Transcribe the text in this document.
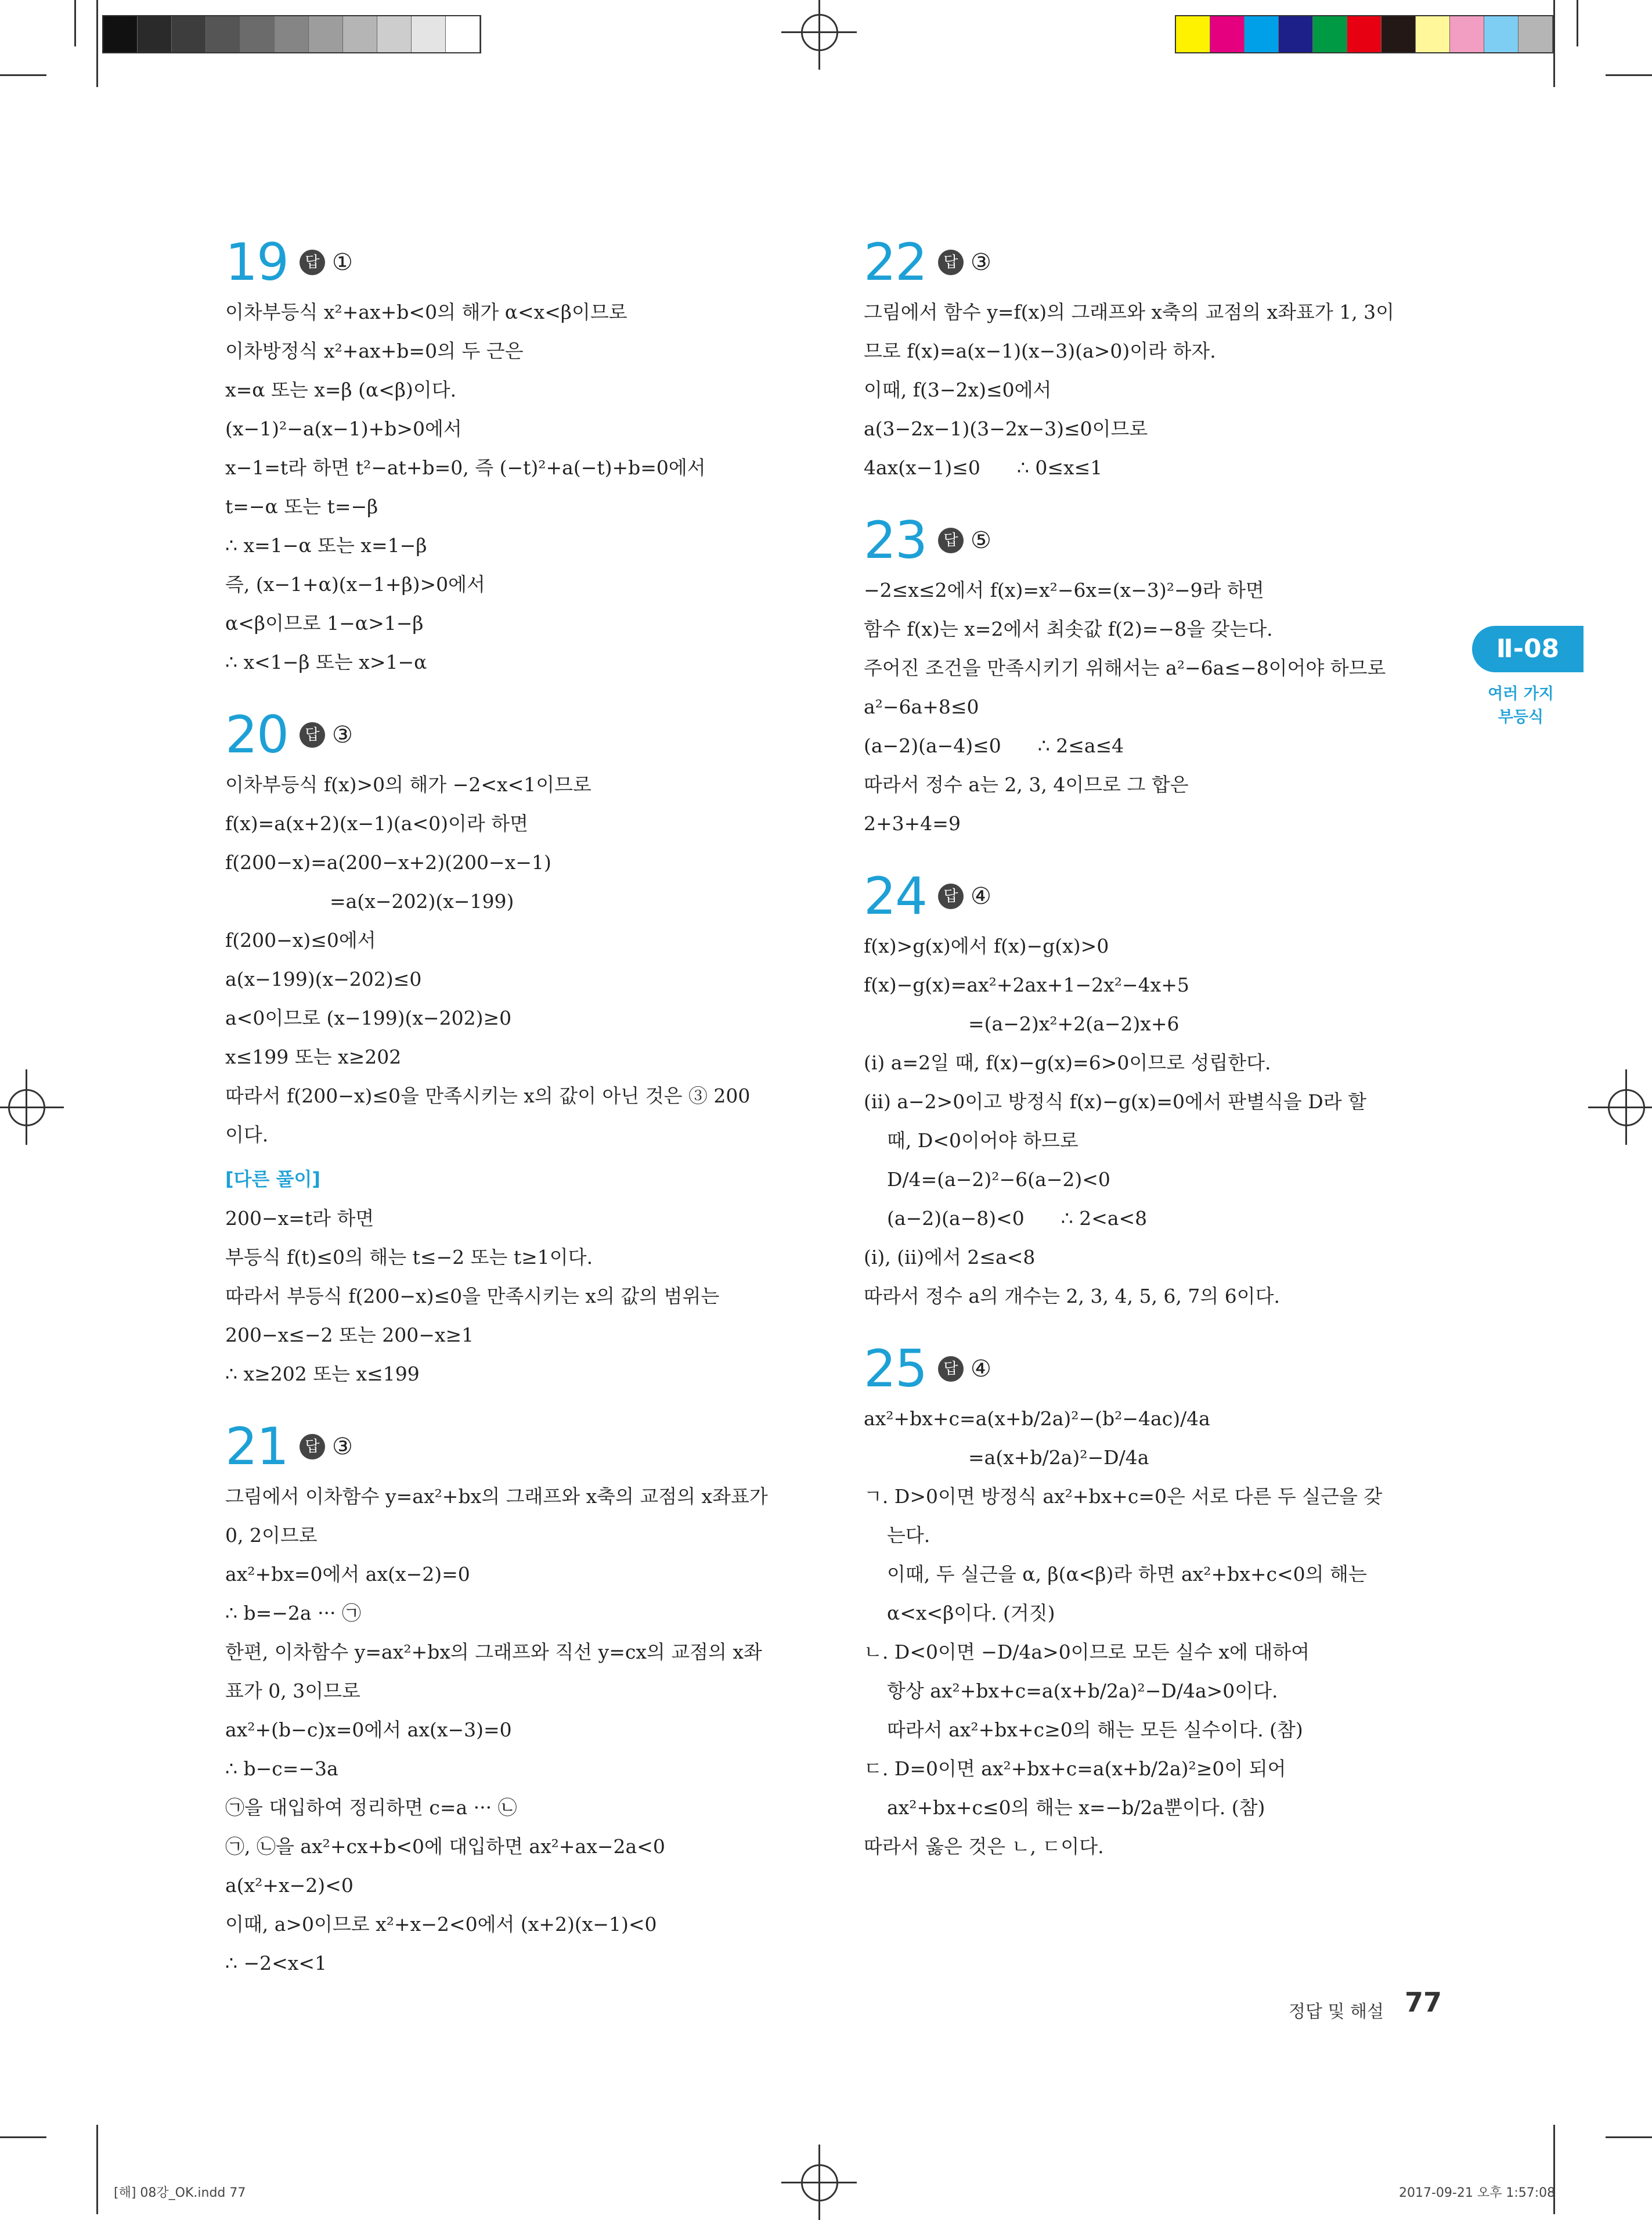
Ⅱ-08
여러 가지
부등식
19	답 ①
이차부등식 x²+ax+b<0의 해가 α<x<β이므로
이차방정식 x²+ax+b=0의 두 근은
x=α 또는 x=β (α<β)이다.
(x−1)²−a(x−1)+b>0에서
x−1=t라 하면 t²−at+b=0, 즉 (−t)²+a(−t)+b=0에서
t=−α 또는 t=−β
∴ x=1−α 또는 x=1−β
즉, (x−1+α)(x−1+β)>0에서
α<β이므로 1−α>1−β
∴ x<1−β 또는 x>1−α
20	답 ③
이차부등식 f(x)>0의 해가 −2<x<1이므로
f(x)=a(x+2)(x−1)(a<0)이라 하면
f(200−x)=a(200−x+2)(200−x−1)
=a(x−202)(x−199)
f(200−x)≤0에서
a(x−199)(x−202)≤0
a<0이므로 (x−199)(x−202)≥0
x≤199 또는 x≥202
따라서 f(200−x)≤0을 만족시키는 x의 값이 아닌 것은 ③ 200
이다.
[다른 풀이]
200−x=t라 하면
부등식 f(t)≤0의 해는 t≤−2 또는 t≥1이다.
따라서 부등식 f(200−x)≤0을 만족시키는 x의 값의 범위는
200−x≤−2 또는 200−x≥1
∴ x≥202 또는 x≤199
21	답 ③
그림에서 이차함수 y=ax²+bx의 그래프와 x축의 교점의 x좌표가
0, 2이므로
ax²+bx=0에서 ax(x−2)=0
∴ b=−2a ··· ㉠
한편, 이차함수 y=ax²+bx의 그래프와 직선 y=cx의 교점의 x좌
표가 0, 3이므로
ax²+(b−c)x=0에서 ax(x−3)=0
∴ b−c=−3a
㉠을 대입하여 정리하면 c=a ··· ㉡
㉠, ㉡을 ax²+cx+b<0에 대입하면 ax²+ax−2a<0
a(x²+x−2)<0
이때, a>0이므로 x²+x−2<0에서 (x+2)(x−1)<0
∴ −2<x<1
22	답 ③
그림에서 함수 y=f(x)의 그래프와 x축의 교점의 x좌표가 1, 3이
므로 f(x)=a(x−1)(x−3)(a>0)이라 하자.
이때, f(3−2x)≤0에서
a(3−2x−1)(3−2x−3)≤0이므로
4ax(x−1)≤0      ∴ 0≤x≤1
23	답 ⑤
−2≤x≤2에서 f(x)=x²−6x=(x−3)²−9라 하면
함수 f(x)는 x=2에서 최솟값 f(2)=−8을 갖는다.
주어진 조건을 만족시키기 위해서는 a²−6a≤−8이어야 하므로
a²−6a+8≤0
(a−2)(a−4)≤0      ∴ 2≤a≤4
따라서 정수 a는 2, 3, 4이므로 그 합은
2+3+4=9
24	답 ④
f(x)>g(x)에서 f(x)−g(x)>0
f(x)−g(x)=ax²+2ax+1−2x²−4x+5
=(a−2)x²+2(a−2)x+6
(ⅰ) a=2일 때, f(x)−g(x)=6>0이므로 성립한다.
(ⅱ) a−2>0이고 방정식 f(x)−g(x)=0에서 판별식을 D라 할
때, D<0이어야 하므로
D/4=(a−2)²−6(a−2)<0
(a−2)(a−8)<0      ∴ 2<a<8
(ⅰ), (ⅱ)에서 2≤a<8
따라서 정수 a의 개수는 2, 3, 4, 5, 6, 7의 6이다.
25	답 ④
ax²+bx+c=a(x+b/2a)²−(b²−4ac)/4a
=a(x+b/2a)²−D/4a
ㄱ. D>0이면 방정식 ax²+bx+c=0은 서로 다른 두 실근을 갖
는다.
이때, 두 실근을 α, β(α<β)라 하면 ax²+bx+c<0의 해는
α<x<β이다. (거짓)
ㄴ. D<0이면 −D/4a>0이므로 모든 실수 x에 대하여
항상 ax²+bx+c=a(x+b/2a)²−D/4a>0이다.
따라서 ax²+bx+c≥0의 해는 모든 실수이다. (참)
ㄷ. D=0이면 ax²+bx+c=a(x+b/2a)²≥0이 되어
ax²+bx+c≤0의 해는 x=−b/2a뿐이다. (참)
따라서 옳은 것은 ㄴ, ㄷ이다.
정답 및 해설 77
[해] 08강_OK.indd 77	2017-09-21 오후 1:57:08
